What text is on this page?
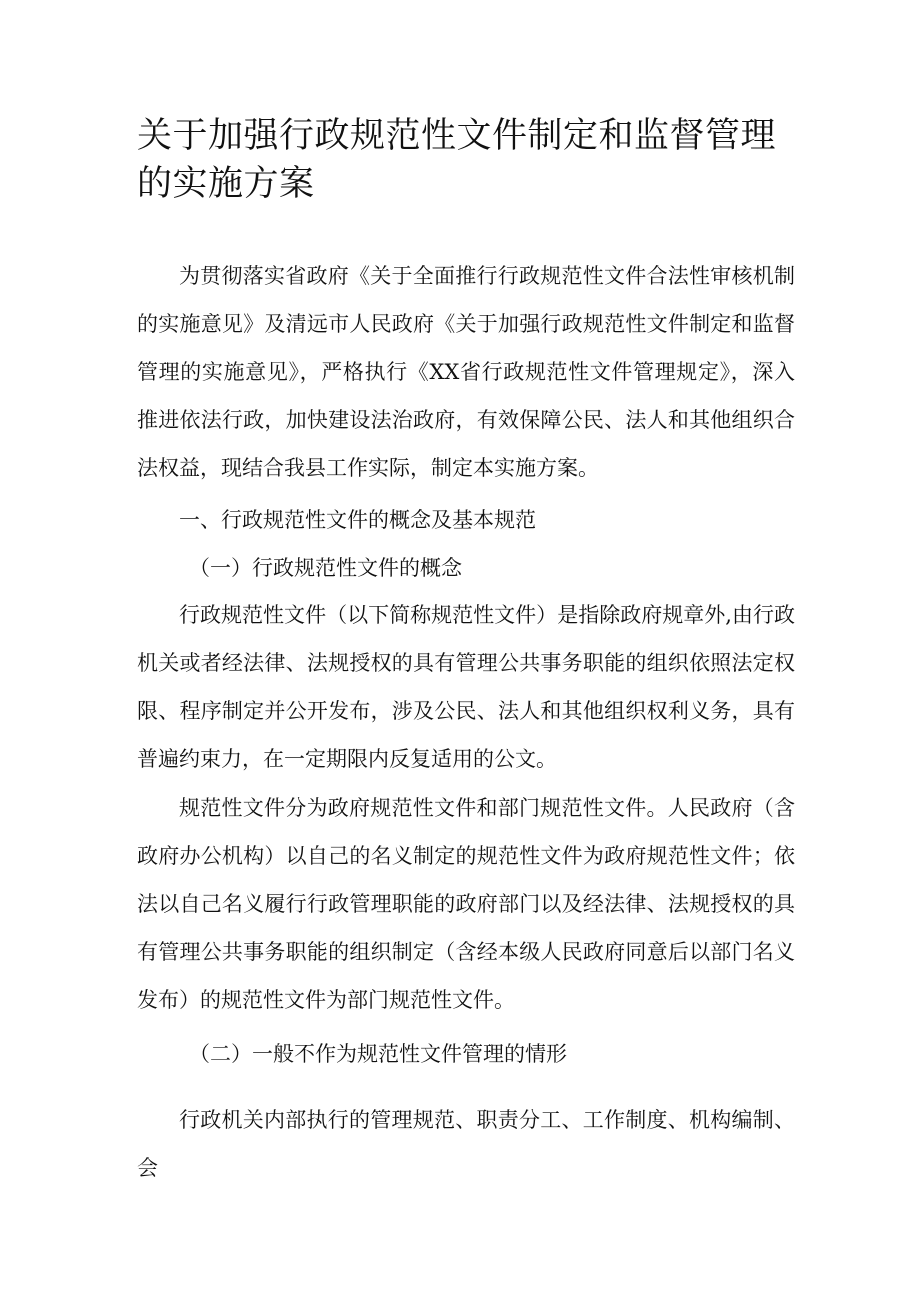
关于加强行政规范性文件制定和监督管理的实施方案

为贯彻落实省政府《关于全面推行行政规范性文件合法性审核机制的实施意见》及清远市人民政府《关于加强行政规范性文件制定和监督管理的实施意见》，严格执行《XX省行政规范性文件管理规定》，深入推进依法行政，加快建设法治政府，有效保障公民、法人和其他组织合法权益，现结合我县工作实际，制定本实施方案。

一、行政规范性文件的概念及基本规范
（一）行政规范性文件的概念

行政规范性文件（以下简称规范性文件）是指除政府规章外,由行政机关或者经法律、法规授权的具有管理公共事务职能的组织依照法定权限、程序制定并公开发布，涉及公民、法人和其他组织权利义务，具有普遍约束力，在一定期限内反复适用的公文。

规范性文件分为政府规范性文件和部门规范性文件。人民政府（含政府办公机构）以自己的名义制定的规范性文件为政府规范性文件；依法以自己名义履行行政管理职能的政府部门以及经法律、法规授权的具有管理公共事务职能的组织制定（含经本级人民政府同意后以部门名义发布）的规范性文件为部门规范性文件。

（二）一般不作为规范性文件管理的情形

行政机关内部执行的管理规范、职责分工、工作制度、机构编制、会
